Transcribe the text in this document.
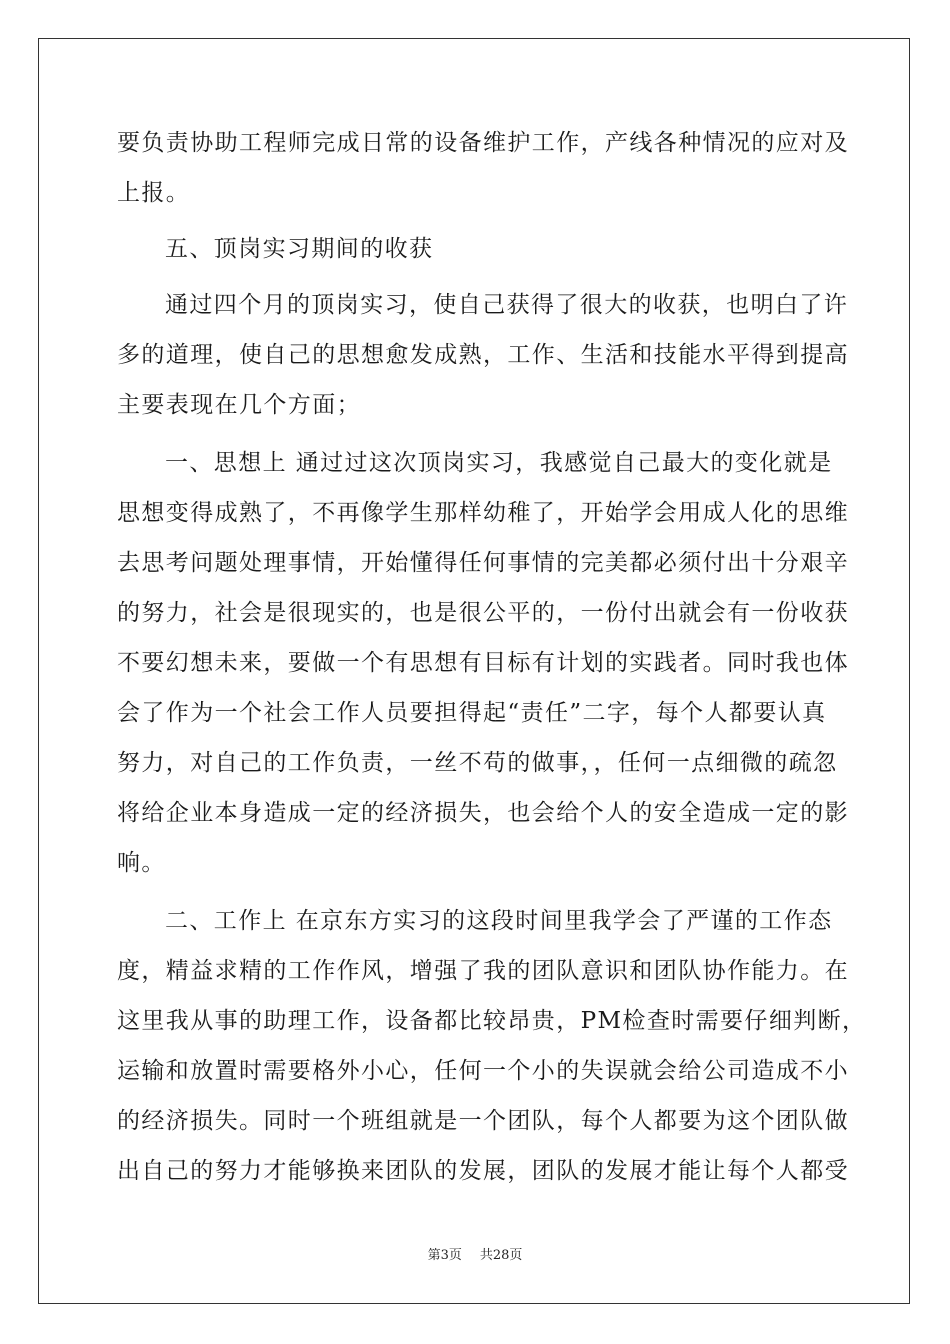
要负责协助工程师完成日常的设备维护工作，产线各种情况的应对及
上报。
五、顶岗实习期间的收获
通过四个月的顶岗实习，使自己获得了很大的收获，也明白了许
多的道理，使自己的思想愈发成熟，工作、生活和技能水平得到提高
主要表现在几个方面；
一、思想上 通过过这次顶岗实习，我感觉自己最大的变化就是
思想变得成熟了，不再像学生那样幼稚了，开始学会用成人化的思维
去思考问题处理事情，开始懂得任何事情的完美都必须付出十分艰辛
的努力，社会是很现实的，也是很公平的，一份付出就会有一份收获
不要幻想未来，要做一个有思想有目标有计划的实践者。同时我也体
会了作为一个社会工作人员要担得起“责任”二字，每个人都要认真
努力，对自己的工作负责，一丝不苟的做事，，任何一点细微的疏忽
将给企业本身造成一定的经济损失，也会给个人的安全造成一定的影
响。
二、工作上 在京东方实习的这段时间里我学会了严谨的工作态
度，精益求精的工作作风，增强了我的团队意识和团队协作能力。在
这里我从事的助理工作，设备都比较昂贵，PM检查时需要仔细判断，
运输和放置时需要格外小心，任何一个小的失误就会给公司造成不小
的经济损失。同时一个班组就是一个团队，每个人都要为这个团队做
出自己的努力才能够换来团队的发展，团队的发展才能让每个人都受
第3页 共28页
